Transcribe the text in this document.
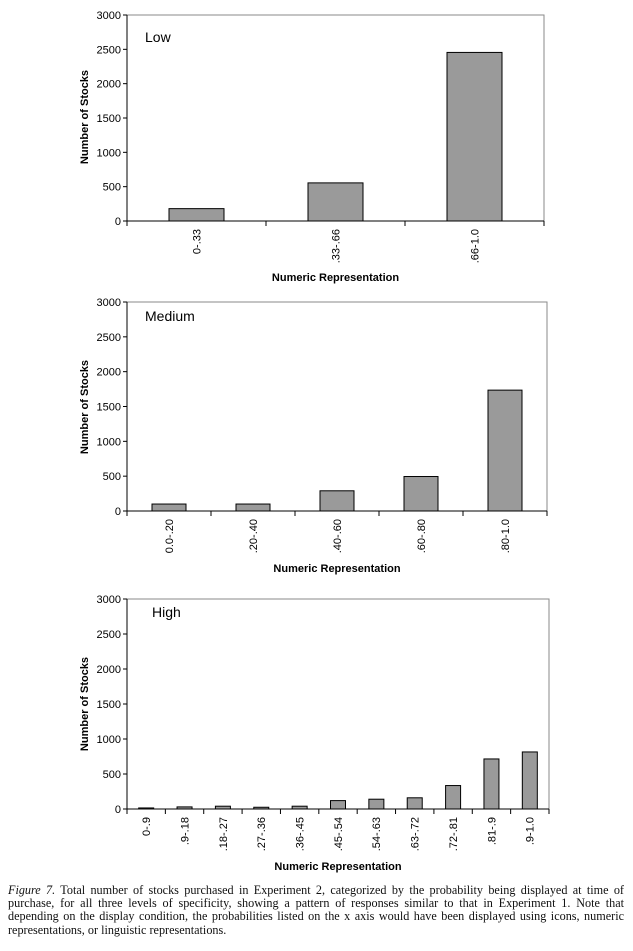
0
500
1000
1500
2000
2500
3000
0-.33	.33-.66	.66-1.0
Low
Numeric Representation
Number of Stocks
0
500
1000
1500
2000
2500
3000
0.0-.20	.20-.40	.40-.60	.60-.80	.80-1.0
Medium
Numeric Representation
Number of Stocks
0
500
1000
1500
2000
2500
3000
0-.9 .9-.18 .18-.27 .27-.36 .36-.45 .45-.54 .54-.63 .63-.72 .72-.81 .81-.9 .9-1.0
High
Numeric Representation
Number of Stocks
Figure 7. Total number of stocks purchased in Experiment 2, categorized by the probability being displayed at time of purchase, for all three levels of specificity, showing a pattern of responses similar to that in Experiment 1. Note that depending on the display condition, the probabilities listed on the x axis would have been displayed using icons, numeric representations, or linguistic representations.
